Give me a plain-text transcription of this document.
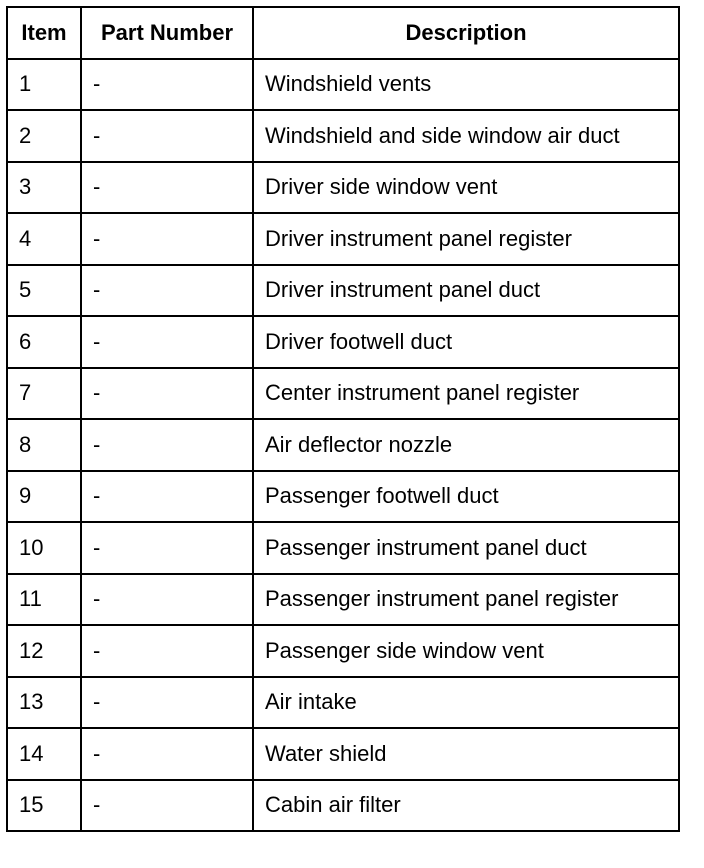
Item	Part Number	Description
1	-	Windshield vents
2	-	Windshield and side window air duct
3	-	Driver side window vent
4	-	Driver instrument panel register
5	-	Driver instrument panel duct
6	-	Driver footwell duct
7	-	Center instrument panel register
8	-	Air deflector nozzle
9	-	Passenger footwell duct
10	-	Passenger instrument panel duct
11	-	Passenger instrument panel register
12	-	Passenger side window vent
13	-	Air intake
14	-	Water shield
15	-	Cabin air filter
